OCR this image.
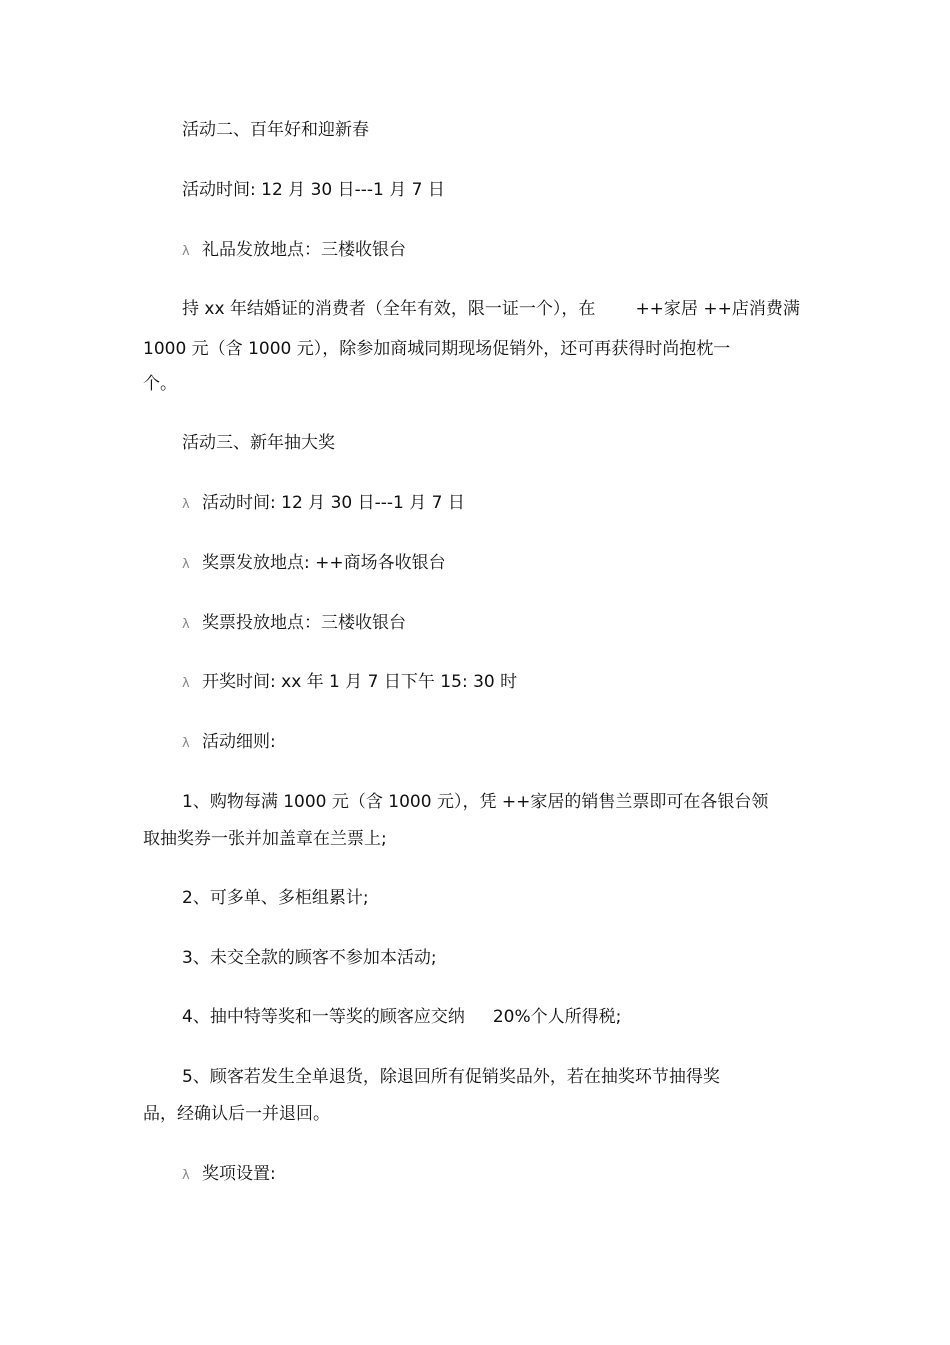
活动二、百年好和迎新春
活动时间: 12 月 30 日---1 月 7 日
λ 礼品发放地点：三楼收银台
持 xx 年结婚证的消费者（全年有效，限一证一个），在 ++家居 ++店消费满
1000 元（含 1000 元），除参加商城同期现场促销外，还可再获得时尚抱枕一
个。
活动三、新年抽大奖
λ 活动时间: 12 月 30 日---1 月 7 日
λ 奖票发放地点: ++商场各收银台
λ 奖票投放地点：三楼收银台
λ 开奖时间: xx 年 1 月 7 日下午 15: 30 时
λ 活动细则:
1、购物每满 1000 元（含 1000 元），凭 ++家居的销售兰票即可在各银台领
取抽奖券一张并加盖章在兰票上;
2、可多单、多柜组累计;
3、未交全款的顾客不参加本活动;
4、抽中特等奖和一等奖的顾客应交纳 20%个人所得税;
5、顾客若发生全单退货，除退回所有促销奖品外，若在抽奖环节抽得奖
品，经确认后一并退回。
λ 奖项设置:
